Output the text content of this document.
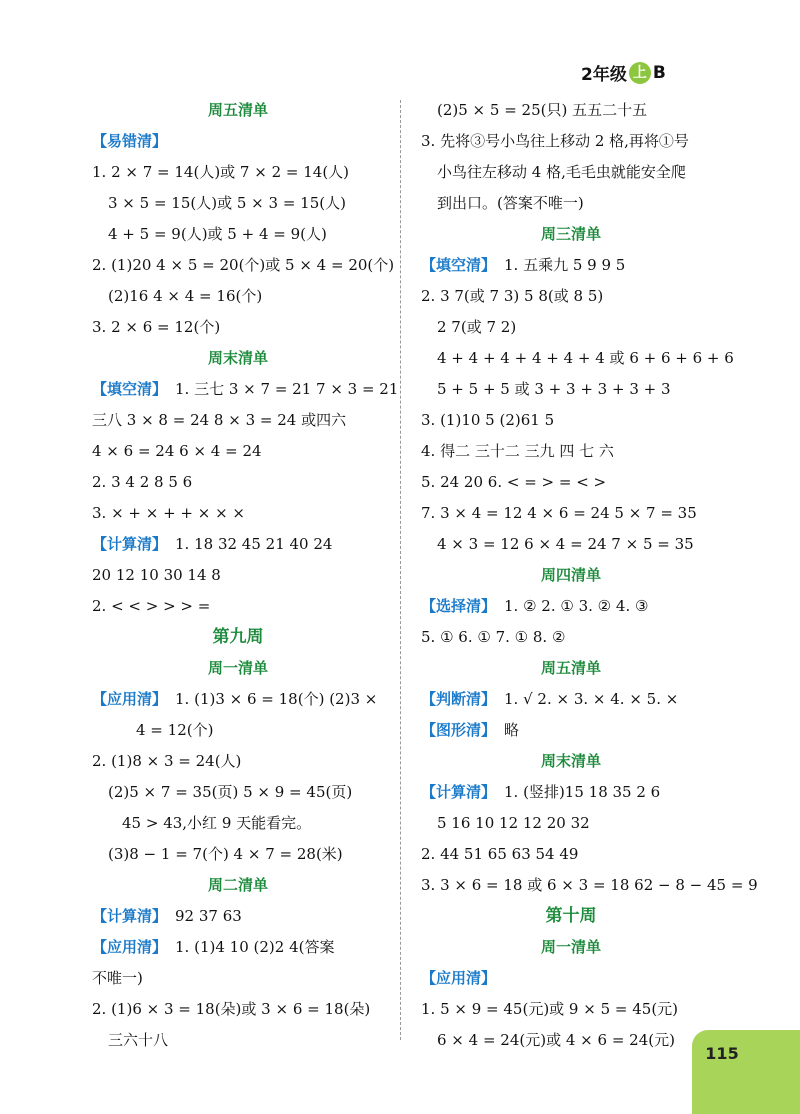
2年级 上 B
周五清单
【易错清】
1. 2 × 7 = 14(人)或 7 × 2 = 14(人)
3 × 5 = 15(人)或 5 × 3 = 15(人)
4 + 5 = 9(人)或 5 + 4 = 9(人)
2. (1)20 4 × 5 = 20(个)或 5 × 4 = 20(个)
(2)16 4 × 4 = 16(个)
3. 2 × 6 = 12(个)
周末清单
【填空清】 1. 三七 3 × 7 = 21 7 × 3 = 21
三八 3 × 8 = 24 8 × 3 = 24 或四六
4 × 6 = 24 6 × 4 = 24
2. 3 4 2 8 5 6
3. × + × + + × × ×
【计算清】 1. 18 32 45 21 40 24
20 12 10 30 14 8
2. < < > > > =
第九周
周一清单
【应用清】 1. (1)3 × 6 = 18(个) (2)3 ×
4 = 12(个)
2. (1)8 × 3 = 24(人)
(2)5 × 7 = 35(页) 5 × 9 = 45(页)
45 > 43,小红 9 天能看完。
(3)8 − 1 = 7(个) 4 × 7 = 28(米)
周二清单
【计算清】 92 37 63
【应用清】 1. (1)4 10 (2)2 4(答案
不唯一)
2. (1)6 × 3 = 18(朵)或 3 × 6 = 18(朵)
三六十八
(2)5 × 5 = 25(只) 五五二十五
3. 先将③号小鸟往上移动 2 格,再将①号
小鸟往左移动 4 格,毛毛虫就能安全爬
到出口。(答案不唯一)
周三清单
【填空清】 1. 五乘九 5 9 9 5
2. 3 7(或 7 3) 5 8(或 8 5)
2 7(或 7 2)
4 + 4 + 4 + 4 + 4 + 4 或 6 + 6 + 6 + 6
5 + 5 + 5 或 3 + 3 + 3 + 3 + 3
3. (1)10 5 (2)61 5
4. 得二 三十二 三九 四 七 六
5. 24 20 6. < = > = < >
7. 3 × 4 = 12 4 × 6 = 24 5 × 7 = 35
4 × 3 = 12 6 × 4 = 24 7 × 5 = 35
周四清单
【选择清】 1. ② 2. ① 3. ② 4. ③
5. ① 6. ① 7. ① 8. ②
周五清单
【判断清】 1. √ 2. × 3. × 4. × 5. ×
【图形清】 略
周末清单
【计算清】 1. (竖排)15 18 35 2 6
5 16 10 12 12 20 32
2. 44 51 65 63 54 49
3. 3 × 6 = 18 或 6 × 3 = 18 62 − 8 − 45 = 9
第十周
周一清单
【应用清】
1. 5 × 9 = 45(元)或 9 × 5 = 45(元)
6 × 4 = 24(元)或 4 × 6 = 24(元)
115
